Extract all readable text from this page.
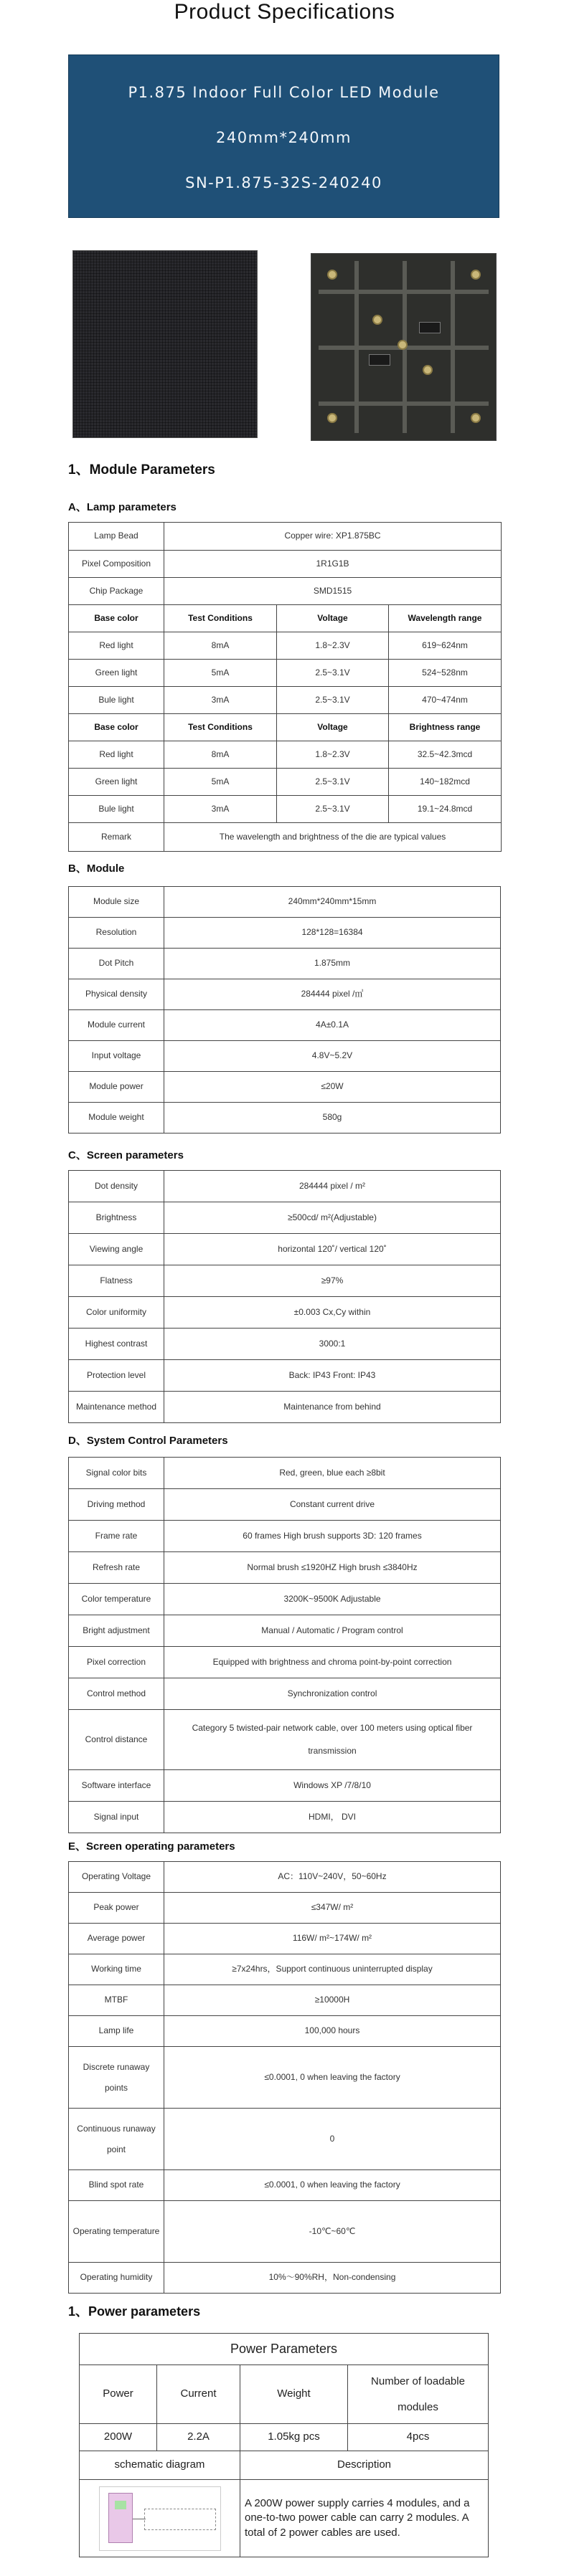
Product Specifications
P1.875 Indoor Full Color LED Module
240mm*240mm
SN-P1.875-32S-240240
1、Module Parameters
A、Lamp parameters
Lamp Bead	Copper wire: XP1.875BC		
Pixel Composition	1R1G1B		
Chip Package	SMD1515		
Base color	Test Conditions	Voltage	Wavelength range
Red light	8mA	1.8~2.3V	619~624nm
Green light	5mA	2.5~3.1V	524~528nm
Bule light	3mA	2.5~3.1V	470~474nm
Base color	Test Conditions	Voltage	Brightness range
Red light	8mA	1.8~2.3V	32.5~42.3mcd
Green light	5mA	2.5~3.1V	140~182mcd
Bule light	3mA	2.5~3.1V	19.1~24.8mcd
Remark	The wavelength and brightness of the die are typical values		
B、Module
Module size	240mm*240mm*15mm
Resolution	128*128=16384
Dot Pitch	1.875mm
Physical density	284444 pixel /㎡
Module current	4A±0.1A
Input voltage	4.8V~5.2V
Module power	≤20W
Module weight	580g
C、Screen parameters
Dot density	284444 pixel / m²
Brightness	≥500cd/ m²(Adjustable)
Viewing angle	horizontal 120˚/ vertical 120˚
Flatness	≥97%
Color uniformity	±0.003 Cx,Cy within
Highest contrast	3000:1
Protection level	Back: IP43 Front: IP43
Maintenance method	Maintenance from behind
D、System Control Parameters
Signal color bits	Red, green, blue each ≥8bit
Driving method	Constant current drive
Frame rate	60 frames High brush supports 3D: 120 frames
Refresh rate	Normal brush ≤1920HZ High brush ≤3840Hz
Color temperature	3200K~9500K Adjustable
Bright adjustment	Manual / Automatic / Program control
Pixel correction	Equipped with brightness and chroma point-by-point correction
Control method	Synchronization control
Control distance	Category 5 twisted-pair network cable, over 100 meters using optical fiber transmission
Software interface	Windows XP /7/8/10
Signal input	HDMI， DVI
E、Screen operating parameters
Operating Voltage	AC：110V~240V，50~60Hz
Peak power	≤347W/ m²
Average power	116W/ m²~174W/ m²
Working time	≥7x24hrs，Support continuous uninterrupted display
MTBF	≥10000H
Lamp life	100,000 hours
Discrete runaway points	≤0.0001, 0 when leaving the factory
Continuous runaway point	0
Blind spot rate	≤0.0001, 0 when leaving the factory
Operating temperature	-10℃~60℃
Operating humidity	10%～90%RH，Non-condensing
1、Power parameters
Power Parameters			
Power	Current	Weight	Number of loadable modules
200W	2.2A	1.05kg pcs	4pcs
schematic diagram		Description	

		A 200W power supply carries 4 modules, and a one-to-two power cable can carry 2 modules. A total of 2 power cables are used.	
